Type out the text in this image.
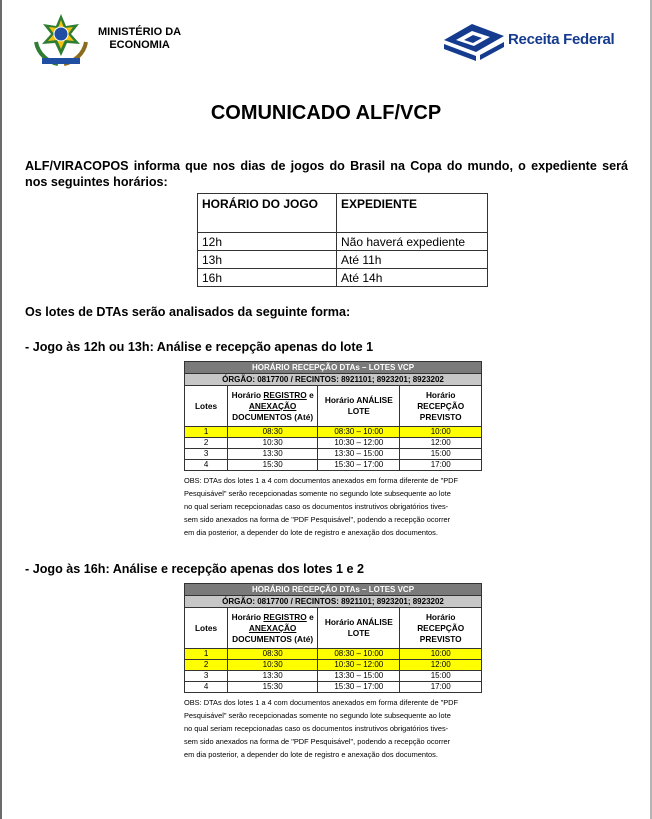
MINISTÉRIO DA
ECONOMIA	Receita Federal
COMUNICADO ALF/VCP
ALF/VIRACOPOS informa que nos dias de jogos do Brasil na Copa do mundo, o expediente será nos seguintes horários:
HORÁRIO DO JOGO	EXPEDIENTE
12h	Não haverá expediente
13h	Até 11h
16h	Até 14h
Os lotes de DTAs serão analisados da seguinte forma:
- Jogo às 12h ou 13h: Análise e recepção apenas do lote 1
HORÁRIO RECEPÇÃO DTAs – LOTES VCP			
ÓRGÃO: 0817700 / RECINTOS: 8921101; 8923201; 8923202			
Lotes	Horário REGISTRO e
ANEXAÇÃO
DOCUMENTOS (Até)	Horário ANÁLISE LOTE	Horário RECEPÇÃO PREVISTO
1	08:30	08:30 – 10:00	10:00
2	10:30	10:30 – 12:00	12:00
3	13:30	13:30 – 15:00	15:00
4	15:30	15:30 – 17:00	17:00
OBS: DTAs dos lotes 1 a 4 com documentos anexados em forma diferente de "PDF
Pesquisável" serão recepcionadas somente no segundo lote subsequente ao lote
no qual seriam recepcionadas caso os documentos instrutivos obrigatórios tives-
sem sido anexados na forma de "PDF Pesquisável", podendo a recepção ocorrer
em dia posterior, a depender do lote de registro e anexação dos documentos.
- Jogo às 16h: Análise e recepção apenas dos lotes 1 e 2
HORÁRIO RECEPÇÃO DTAs – LOTES VCP			
ÓRGÃO: 0817700 / RECINTOS: 8921101; 8923201; 8923202			
Lotes	Horário REGISTRO e
ANEXAÇÃO
DOCUMENTOS (Até)	Horário ANÁLISE LOTE	Horário RECEPÇÃO PREVISTO
1	08:30	08:30 – 10:00	10:00
2	10:30	10:30 – 12:00	12:00
3	13:30	13:30 – 15:00	15:00
4	15:30	15:30 – 17:00	17:00
OBS: DTAs dos lotes 1 a 4 com documentos anexados em forma diferente de "PDF
Pesquisável" serão recepcionadas somente no segundo lote subsequente ao lote
no qual seriam recepcionadas caso os documentos instrutivos obrigatórios tives-
sem sido anexados na forma de "PDF Pesquisável", podendo a recepção ocorrer
em dia posterior, a depender do lote de registro e anexação dos documentos.
